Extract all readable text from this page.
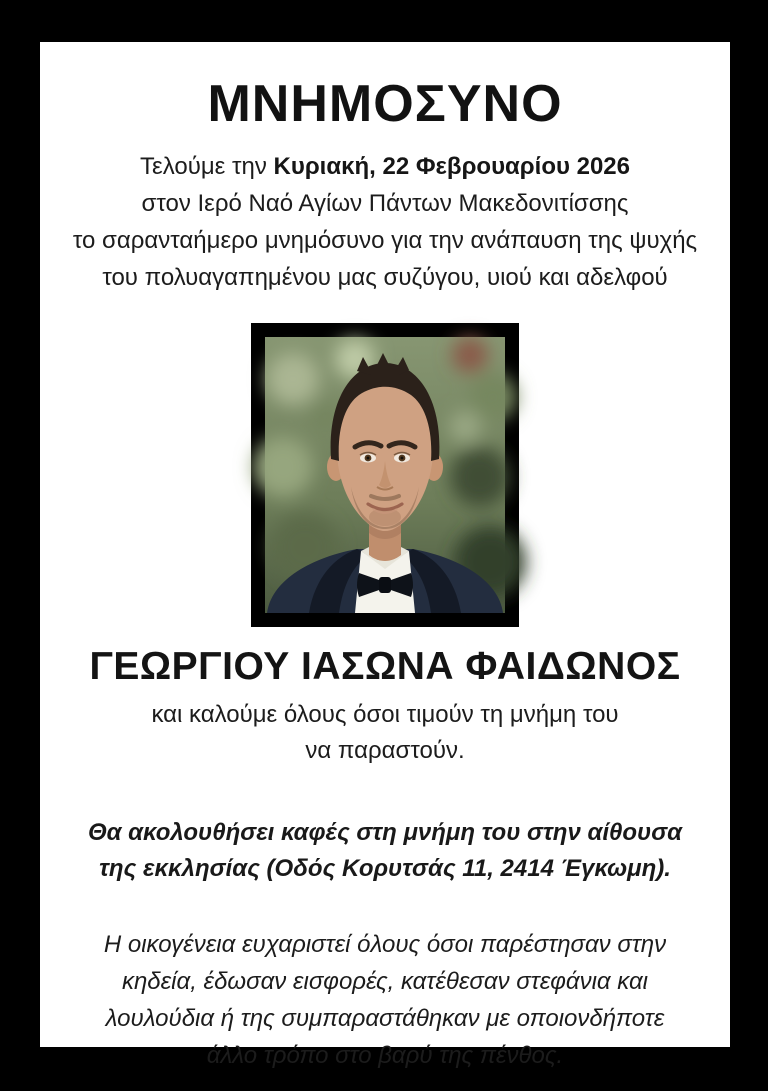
ΜΝΗΜΟΣΥΝΟ

Τελούμε την Κυριακή, 22 Φεβρουαρίου 2026
στον Ιερό Ναό Αγίων Πάντων Μακεδονιτίσσης
το σαρανταήμερο μνημόσυνο για την ανάπαυση της ψυχής
του πολυαγαπημένου μας συζύγου, υιού και αδελφού

ΓΕΩΡΓΙΟΥ ΙΑΣΩΝΑ ΦΑΙΔΩΝΟΣ

και καλούμε όλους όσοι τιμούν τη μνήμη του
να παραστούν.

Θα ακολουθήσει καφές στη μνήμη του στην αίθουσα
της εκκλησίας (Οδός Κορυτσάς 11, 2414 Έγκωμη).

Η οικογένεια ευχαριστεί όλους όσοι παρέστησαν στην
κηδεία, έδωσαν εισφορές, κατέθεσαν στεφάνια και
λουλούδια ή της συμπαραστάθηκαν με οποιονδήποτε
άλλο τρόπο στο βαρύ της πένθος.
